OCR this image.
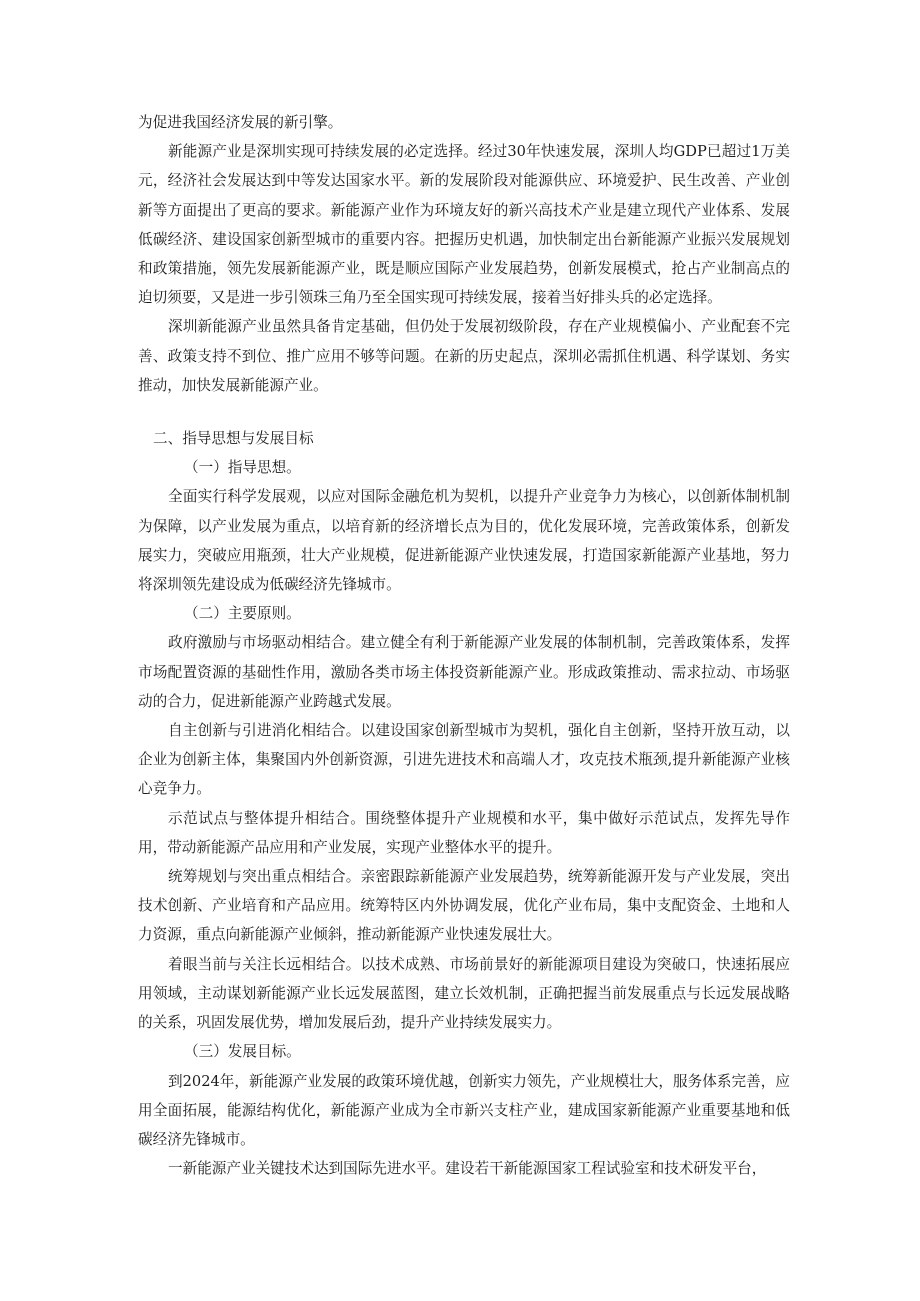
为促进我国经济发展的新引擎。

新能源产业是深圳实现可持续发展的必定选择。经过30年快速发展，深圳人均GDP已超过1万美元，经济社会发展达到中等发达国家水平。新的发展阶段对能源供应、环境爱护、民生改善、产业创新等方面提出了更高的要求。新能源产业作为环境友好的新兴高技术产业是建立现代产业体系、发展低碳经济、建设国家创新型城市的重要内容。把握历史机遇，加快制定出台新能源产业振兴发展规划和政策措施，领先发展新能源产业，既是顺应国际产业发展趋势，创新发展模式，抢占产业制高点的迫切须要，又是进一步引领珠三角乃至全国实现可持续发展，接着当好排头兵的必定选择。

深圳新能源产业虽然具备肯定基础，但仍处于发展初级阶段，存在产业规模偏小、产业配套不完善、政策支持不到位、推广应用不够等问题。在新的历史起点，深圳必需抓住机遇、科学谋划、务实推动，加快发展新能源产业。

二、指导思想与发展目标
（一）指导思想。

全面实行科学发展观，以应对国际金融危机为契机，以提升产业竞争力为核心，以创新体制机制为保障，以产业发展为重点，以培育新的经济增长点为目的，优化发展环境，完善政策体系，创新发展实力，突破应用瓶颈，壮大产业规模，促进新能源产业快速发展，打造国家新能源产业基地，努力将深圳领先建设成为低碳经济先锋城市。

（二）主要原则。

政府激励与市场驱动相结合。建立健全有利于新能源产业发展的体制机制，完善政策体系，发挥市场配置资源的基础性作用，激励各类市场主体投资新能源产业。形成政策推动、需求拉动、市场驱动的合力，促进新能源产业跨越式发展。

自主创新与引进消化相结合。以建设国家创新型城市为契机，强化自主创新，坚持开放互动，以企业为创新主体，集聚国内外创新资源，引进先进技术和高端人才，攻克技术瓶颈,提升新能源产业核心竞争力。

示范试点与整体提升相结合。围绕整体提升产业规模和水平，集中做好示范试点，发挥先导作用，带动新能源产品应用和产业发展，实现产业整体水平的提升。

统筹规划与突出重点相结合。亲密跟踪新能源产业发展趋势，统筹新能源开发与产业发展，突出技术创新、产业培育和产品应用。统筹特区内外协调发展，优化产业布局，集中支配资金、土地和人力资源，重点向新能源产业倾斜，推动新能源产业快速发展壮大。

着眼当前与关注长远相结合。以技术成熟、市场前景好的新能源项目建设为突破口，快速拓展应用领域，主动谋划新能源产业长远发展蓝图，建立长效机制，正确把握当前发展重点与长远发展战略的关系，巩固发展优势，增加发展后劲，提升产业持续发展实力。

（三）发展目标。

到2024年，新能源产业发展的政策环境优越，创新实力领先，产业规模壮大，服务体系完善，应用全面拓展，能源结构优化，新能源产业成为全市新兴支柱产业，建成国家新能源产业重要基地和低碳经济先锋城市。

一新能源产业关键技术达到国际先进水平。建设若干新能源国家工程试验室和技术研发平台，
